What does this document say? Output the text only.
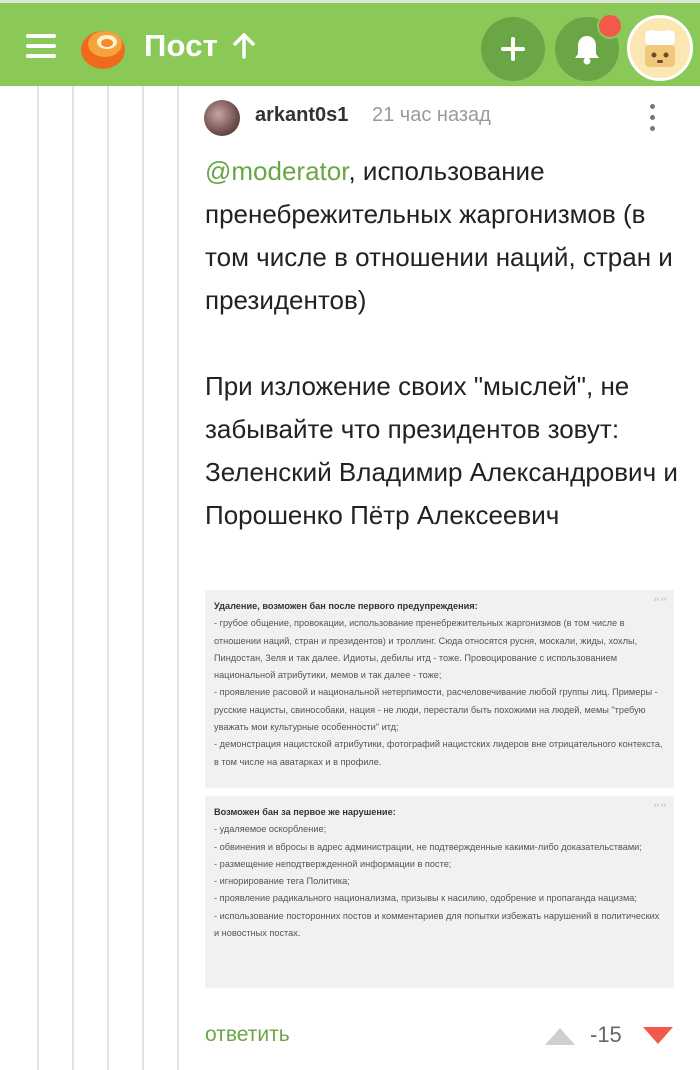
Пост
arkant0s1 21 час назад
@moderator, использование пренебрежительных жаргонизмов (в том числе в отношении наций, стран и президентов)
При изложение своих "мыслей", не забывайте что президентов зовут: Зеленский Владимир Александрович и Порошенко Пётр Алексеевич
“”
Удаление, возможен бан после первого предупреждения:
- грубое общение, провокации, использование пренебрежительных жаргонизмов (в том числе в отношении наций, стран и президентов) и троллинг. Сюда относятся русня, москали, жиды, хохлы, Пиндостан, Зеля и так далее. Идиоты, дебилы итд - тоже. Провоцирование с использованием национальной атрибутики, мемов и так далее - тоже;
- проявление расовой и национальной нетерпимости, расчеловечивание любой группы лиц. Примеры - русские нацисты, свинособаки, нация - не люди, перестали быть похожими на людей, мемы "требую уважать мои культурные особенности" итд;
- демонстрация нацистской атрибутики, фотографий нацистских лидеров вне отрицательного контекста, в том числе на аватарках и в профиле.
“”
Возможен бан за первое же нарушение:
- удаляемое оскорбление;
- обвинения и вбросы в адрес администрации, не подтвержденные какими-либо доказательствами;
- размещение неподтвержденной информации в посте;
- игнорирование тега Политика;
- проявление радикального национализма, призывы к насилию, одобрение и пропаганда нацизма;
- использование посторонних постов и комментариев для попытки избежать нарушений в политических и новостных постах.
ответить	-15
